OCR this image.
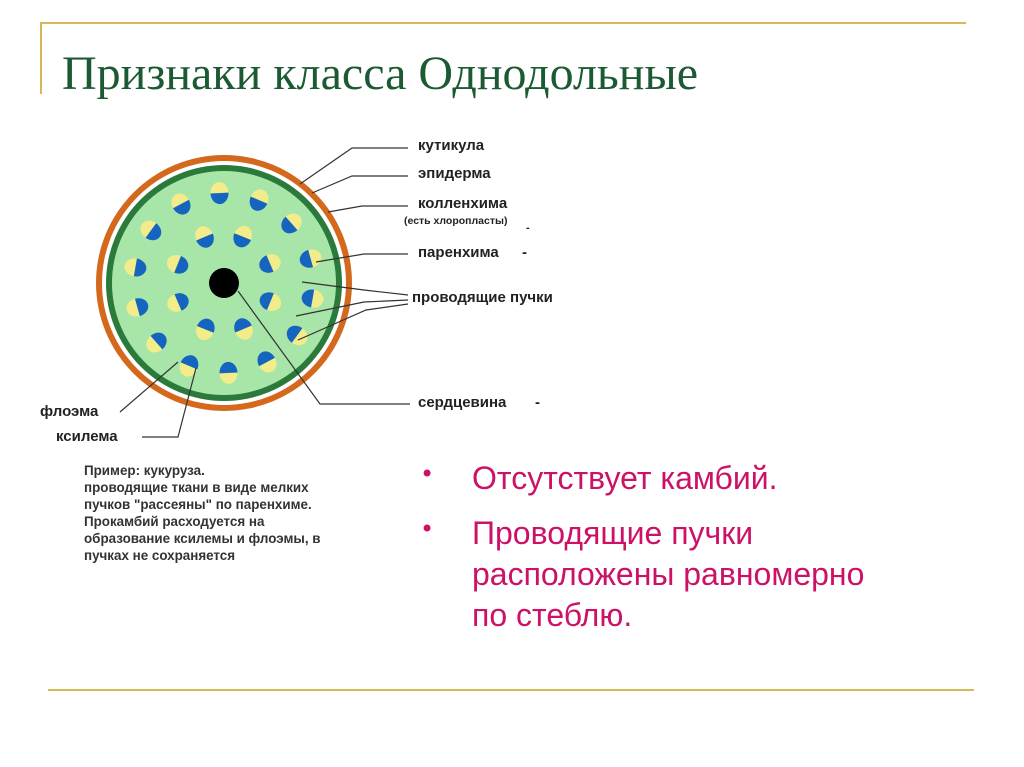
Признаки класса Однодольные
кутикула
эпидерма
колленхима
(есть хлоропласты)
паренхима
проводящие пучки
сердцевина
флоэма
ксилема
-
-
-
Пример: кукуруза.
проводящие ткани в виде мелких
пучков "рассеяны" по паренхиме.
Прокамбий расходуется на
образование ксилемы и флоэмы, в
пучках не сохраняется
• Отсутствует камбий.
• Проводящие пучки
расположены равномерно
по стеблю.
